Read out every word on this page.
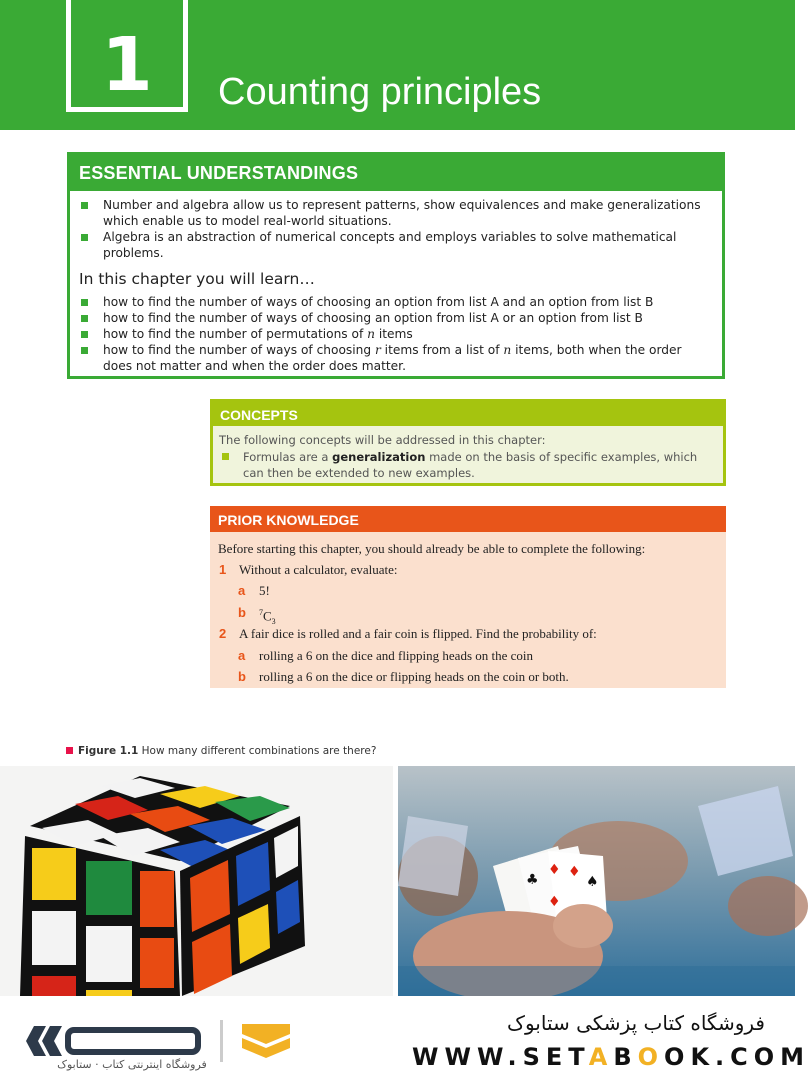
1	Counting principles
ESSENTIAL UNDERSTANDINGS
Number and algebra allow us to represent patterns, show equivalences and make generalizations which enable us to model real-world situations.
Algebra is an abstraction of numerical concepts and employs variables to solve mathematical problems.
In this chapter you will learn…
how to find the number of ways of choosing an option from list A and an option from list B
how to find the number of ways of choosing an option from list A or an option from list B
how to find the number of permutations of n items
how to find the number of ways of choosing r items from a list of n items, both when the order does not matter and when the order does matter.
CONCEPTS
The following concepts will be addressed in this chapter:
Formulas are a generalization made on the basis of specific examples, which can then be extended to new examples.
PRIOR KNOWLEDGE
Before starting this chapter, you should already be able to complete the following:
1 Without a calculator, evaluate:
a 5!
b $^7C_3$
2 A fair dice is rolled and a fair coin is flipped. Find the probability of:
a rolling a 6 on the dice and flipping heads on the coin
b rolling a 6 on the dice or flipping heads on the coin or both.
Figure 1.1 How many different combinations are there?
♣
♦ ♦
♠
♦
فروشگاه اینترنتی کتاب · ستابوک
فروشگاه کتاب پزشکی ستابوک
WWW.SETABOOK.COM
